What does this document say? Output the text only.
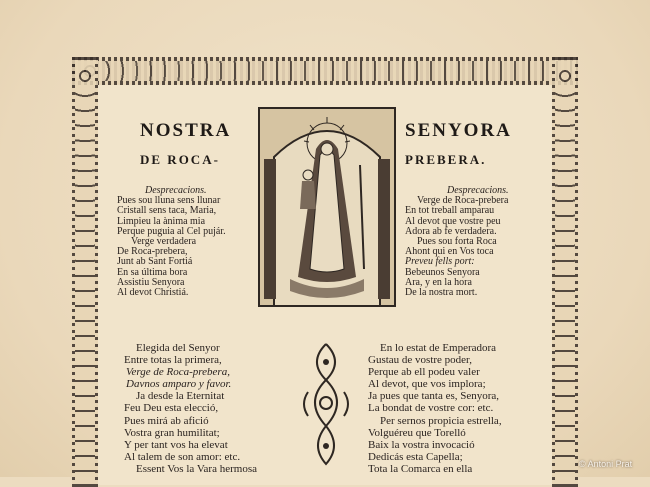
NOSTRA	SENYORA
DE ROCA-	PREBERA.
Desprecacions.
Pues sou lluna sens llunar
Cristall sens taca, Maria,
Limpieu la ànima mia
Perque puguia al Cel pujár.
Verge verdadera
De Roca-prebera,
Junt ab Sant Fortiá
En sa última bora
Assistiu Senyora
Al devot Christiá.
Desprecacions.
Verge de Roca-prebera
En tot treball amparau
Al devot que vostre peu
Adora ab fe verdadera.
Pues sou forta Roca
Ahont qui en Vos toca
Preveu fells port:
Bebeunos Senyora
Ara, y en la hora
De la nostra mort.
Elegida del Senyor
Entre totas la primera,
Verge de Roca-prebera,
Davnos amparo y favor.
Ja desde la Eternitat
Feu Deu esta elecció,
Pues mirá ab afició
Vostra gran humilitat;
Y per tant vos ha elevat
Al talem de son amor: etc.
Essent Vos la Vara hermosa
En lo estat de Emperadora
Gustau de vostre poder,
Perque ab ell podeu valer
Al devot, que vos implora;
Ja pues que tanta es, Senyora,
La bondat de vostre cor: etc.
Per sernos propicia estrella,
Volguéreu que Torelló
Baix la vostra invocació
Dedicás esta Capella;
Tota la Comarca en ella	© Antoni Prat
